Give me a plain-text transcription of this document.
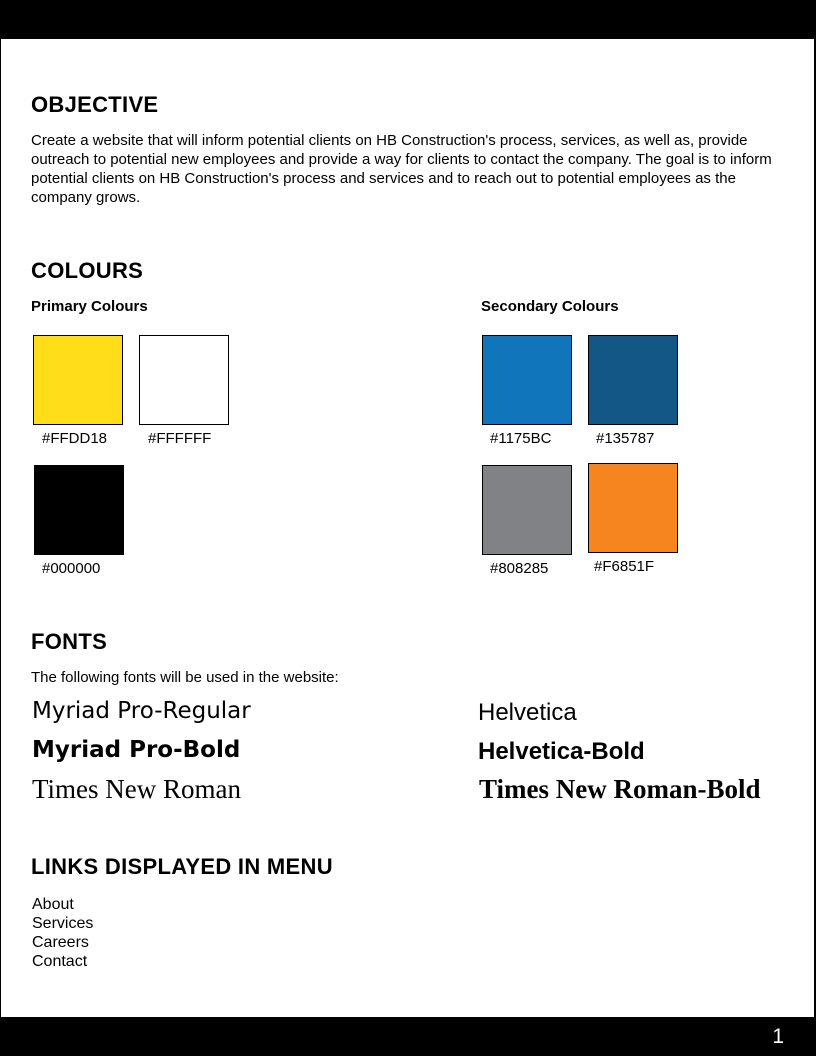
OBJECTIVE
Create a website that will inform potential clients on HB Construction's process, services, as well as, provide outreach to potential new employees and provide a way for clients to contact the company. The goal is to inform potential clients on HB Construction's process and services and to reach out to potential employees as the company grows.
COLOURS
Primary Colours	Secondary Colours
#FFDD18	#FFFFFF
#000000
#1175BC	#135787
#808285	#F6851F
FONTS
The following fonts will be used in the website:
Myriad Pro-Regular	Helvetica
Myriad Pro-Bold	Helvetica-Bold
Times New Roman	Times New Roman-Bold
LINKS DISPLAYED IN MENU
About
Services
Careers
Contact
1
